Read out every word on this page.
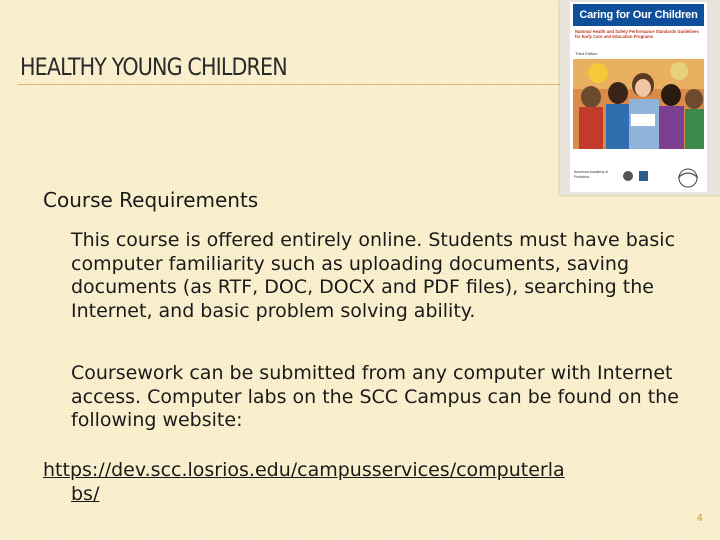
HEALTHY YOUNG CHILDREN
Caring for Our Children
National Health and Safety Performance Standards Guidelines for Early Care and Education Programs
Third Edition
American Academy of Pediatrics
Course Requirements

This course is offered entirely online. Students must have basic computer familiarity such as uploading documents, saving documents (as RTF, DOC, DOCX and PDF files), searching the Internet, and basic problem solving ability.

Coursework can be submitted from any computer with Internet access. Computer labs on the SCC Campus can be found on the following website:

https://dev.scc.losrios.edu/campusservices/computerla
bs/
4
